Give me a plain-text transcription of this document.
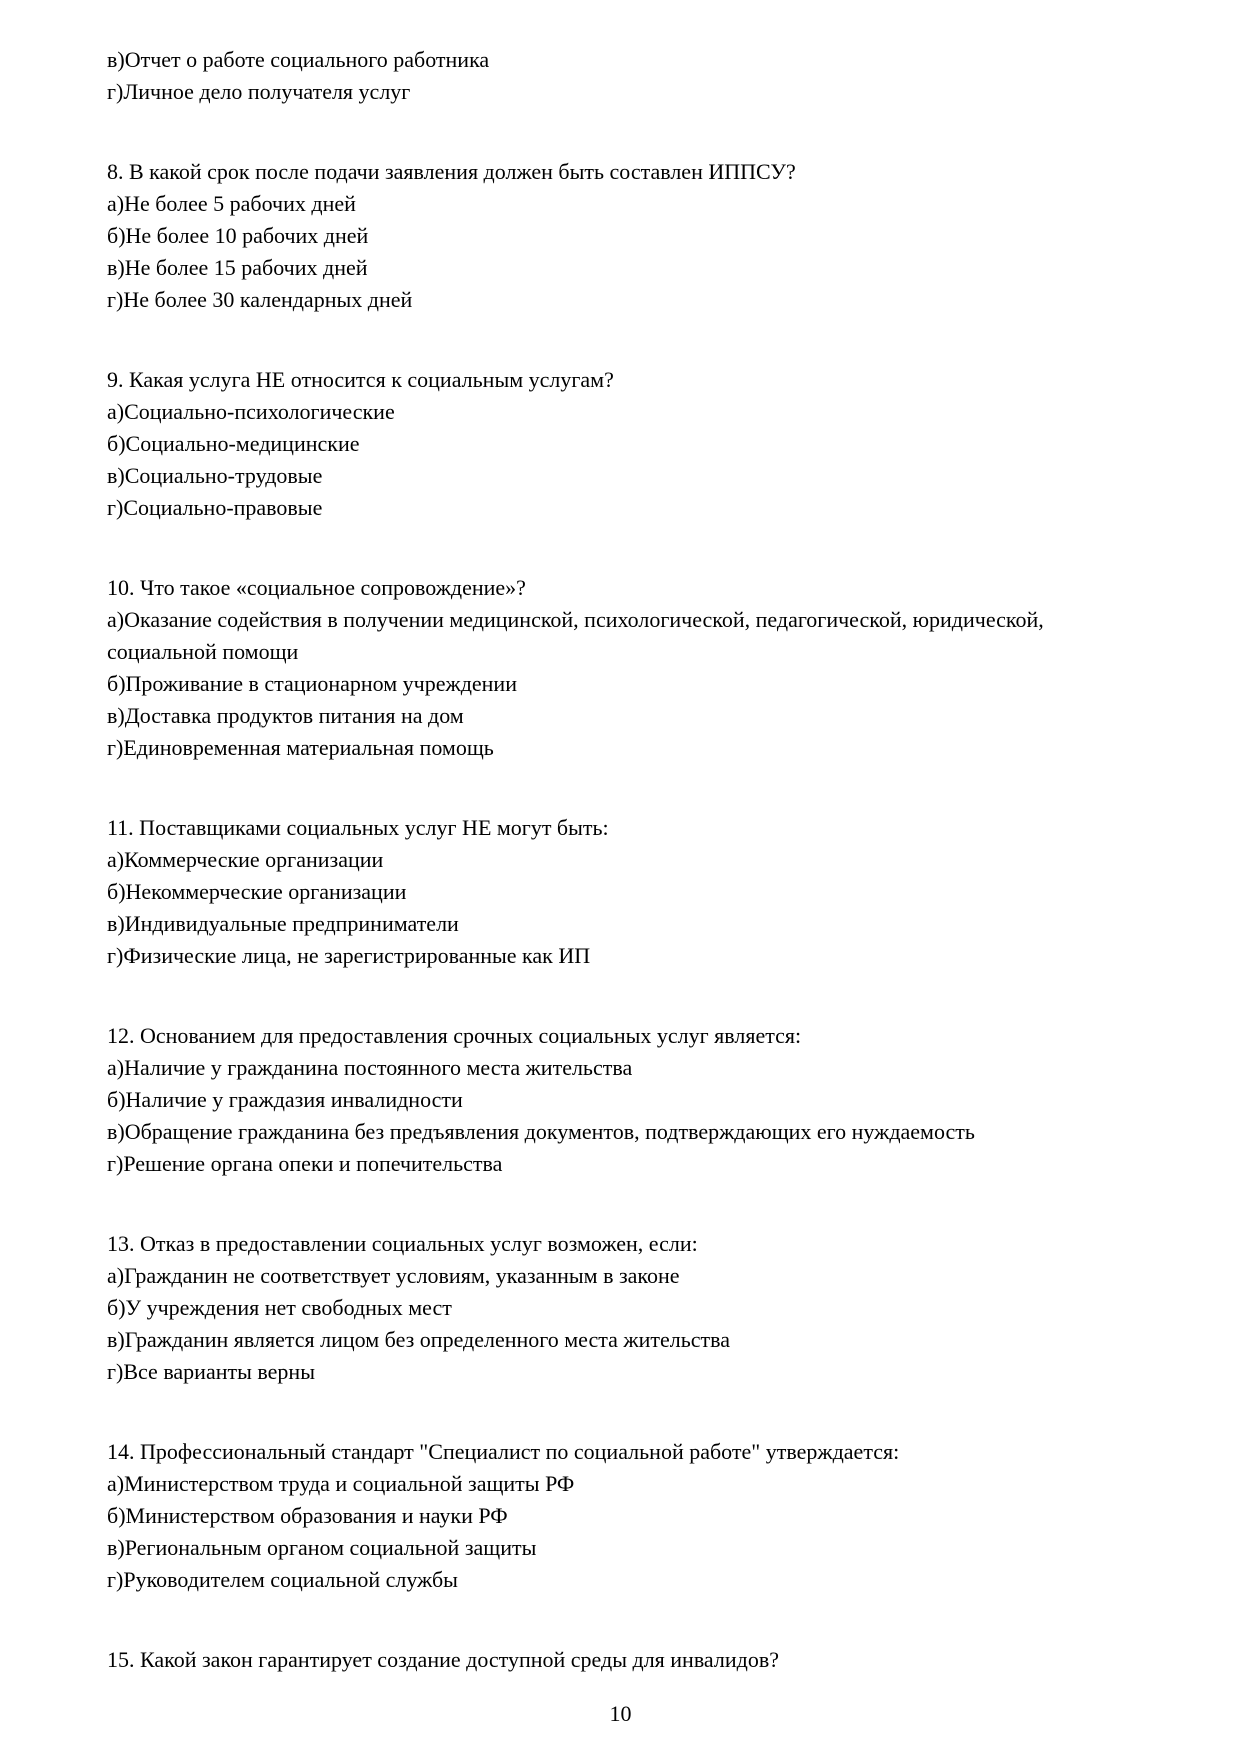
в)Отчет о работе социального работника

г)Личное дело получателя услуг

8. В какой срок после подачи заявления должен быть составлен ИППСУ?

а)Не более 5 рабочих дней

б)Не более 10 рабочих дней

в)Не более 15 рабочих дней

г)Не более 30 календарных дней

9. Какая услуга НЕ относится к социальным услугам?

а)Социально-психологические

б)Социально-медицинские

в)Социально-трудовые

г)Социально-правовые

10. Что такое «социальное сопровождение»?

а)Оказание содействия в получении медицинской, психологической, педагогической, юридической, социальной помощи

б)Проживание в стационарном учреждении

в)Доставка продуктов питания на дом

г)Единовременная материальная помощь

11. Поставщиками социальных услуг НЕ могут быть:

а)Коммерческие организации

б)Некоммерческие организации

в)Индивидуальные предприниматели

г)Физические лица, не зарегистрированные как ИП

12. Основанием для предоставления срочных социальных услуг является:

а)Наличие у гражданина постоянного места жительства

б)Наличие у граждазия инвалидности

в)Обращение гражданина без предъявления документов, подтверждающих его нуждаемость

г)Решение органа опеки и попечительства

13. Отказ в предоставлении социальных услуг возможен, если:

а)Гражданин не соответствует условиям, указанным в законе

б)У учреждения нет свободных мест

в)Гражданин является лицом без определенного места жительства

г)Все варианты верны

14. Профессиональный стандарт "Специалист по социальной работе" утверждается:

а)Министерством труда и социальной защиты РФ

б)Министерством образования и науки РФ

в)Региональным органом социальной защиты

г)Руководителем социальной службы

15. Какой закон гарантирует создание доступной среды для инвалидов?

10
